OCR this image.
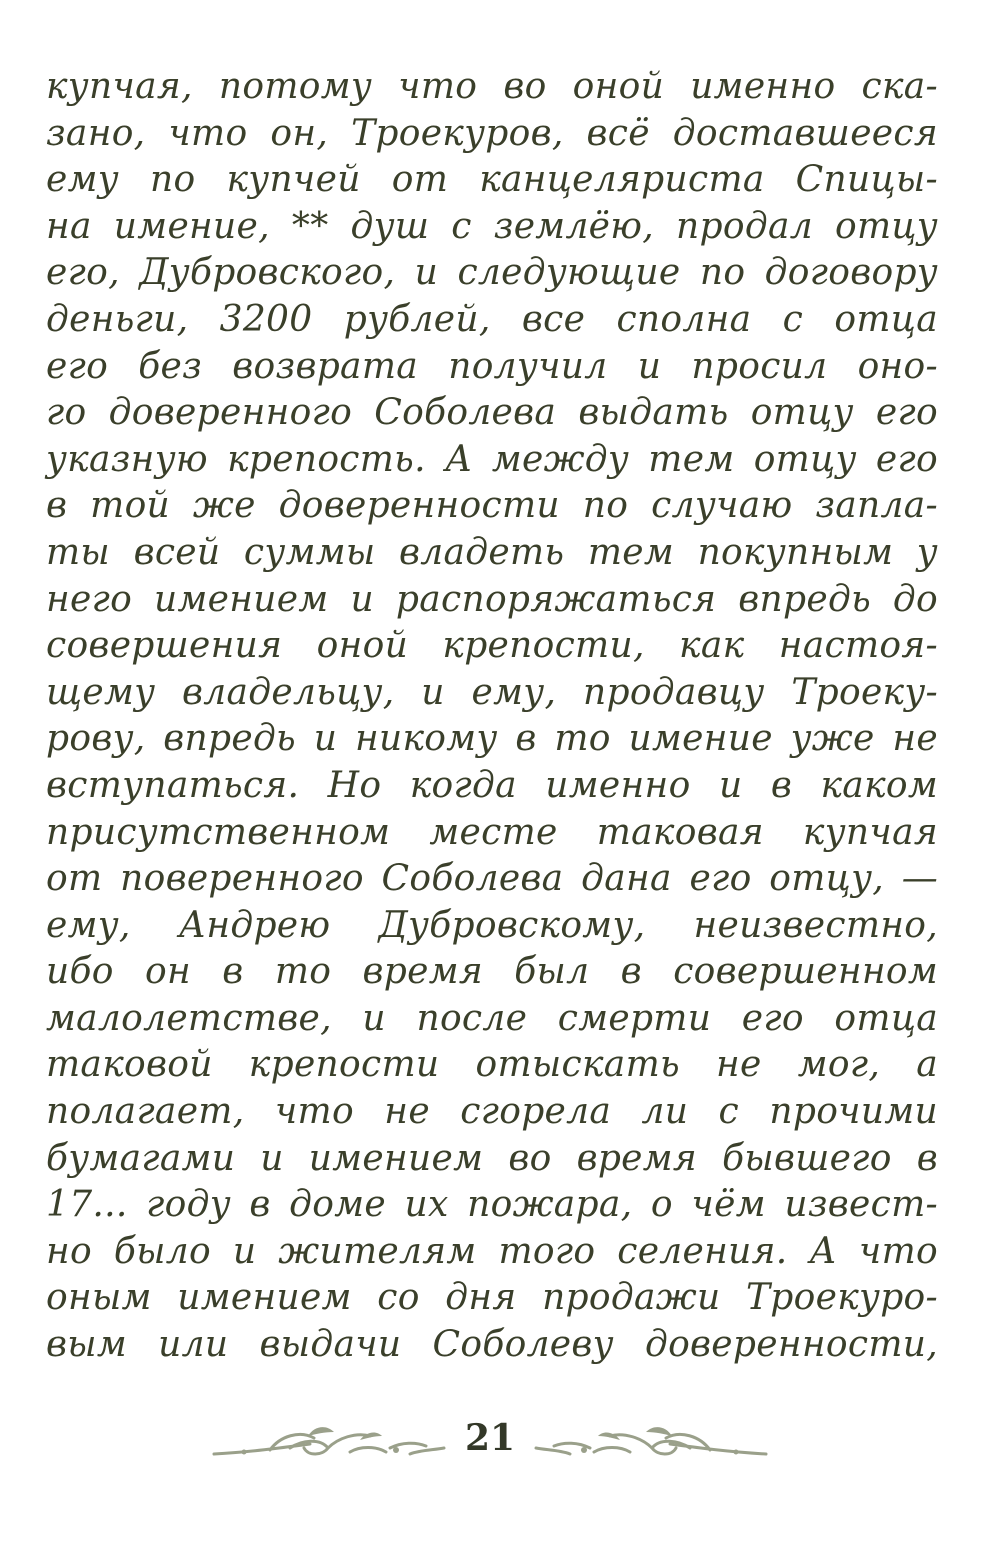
купчая, потому что во оной именно ска-
зано, что он, Троекуров, всё доставшееся
ему по купчей от канцеляриста Спицы-
на имение, ** душ с землёю, продал отцу
его, Дубровского, и следующие по договору
деньги, 3200 рублей, все сполна с отца
его без возврата получил и просил оно-
го доверенного Соболева выдать отцу его
указную крепость. А между тем отцу его
в той же доверенности по случаю запла-
ты всей суммы владеть тем покупным у
него имением и распоряжаться впредь до
совершения оной крепости, как настоя-
щему владельцу, и ему, продавцу Троеку-
рову, впредь и никому в то имение уже не
вступаться. Но когда именно и в каком
присутственном месте таковая купчая
от поверенного Соболева дана его отцу, —
ему, Андрею Дубровскому, неизвестно,
ибо он в то время был в совершенном
малолетстве, и после смерти его отца
таковой крепости отыскать не мог, а
полагает, что не сгорела ли с прочими
бумагами и имением во время бывшего в
17... году в доме их пожара, о чём извест-
но было и жителям того селения. А что
оным имением со дня продажи Троекуро-
вым или выдачи Соболеву доверенности,
21
